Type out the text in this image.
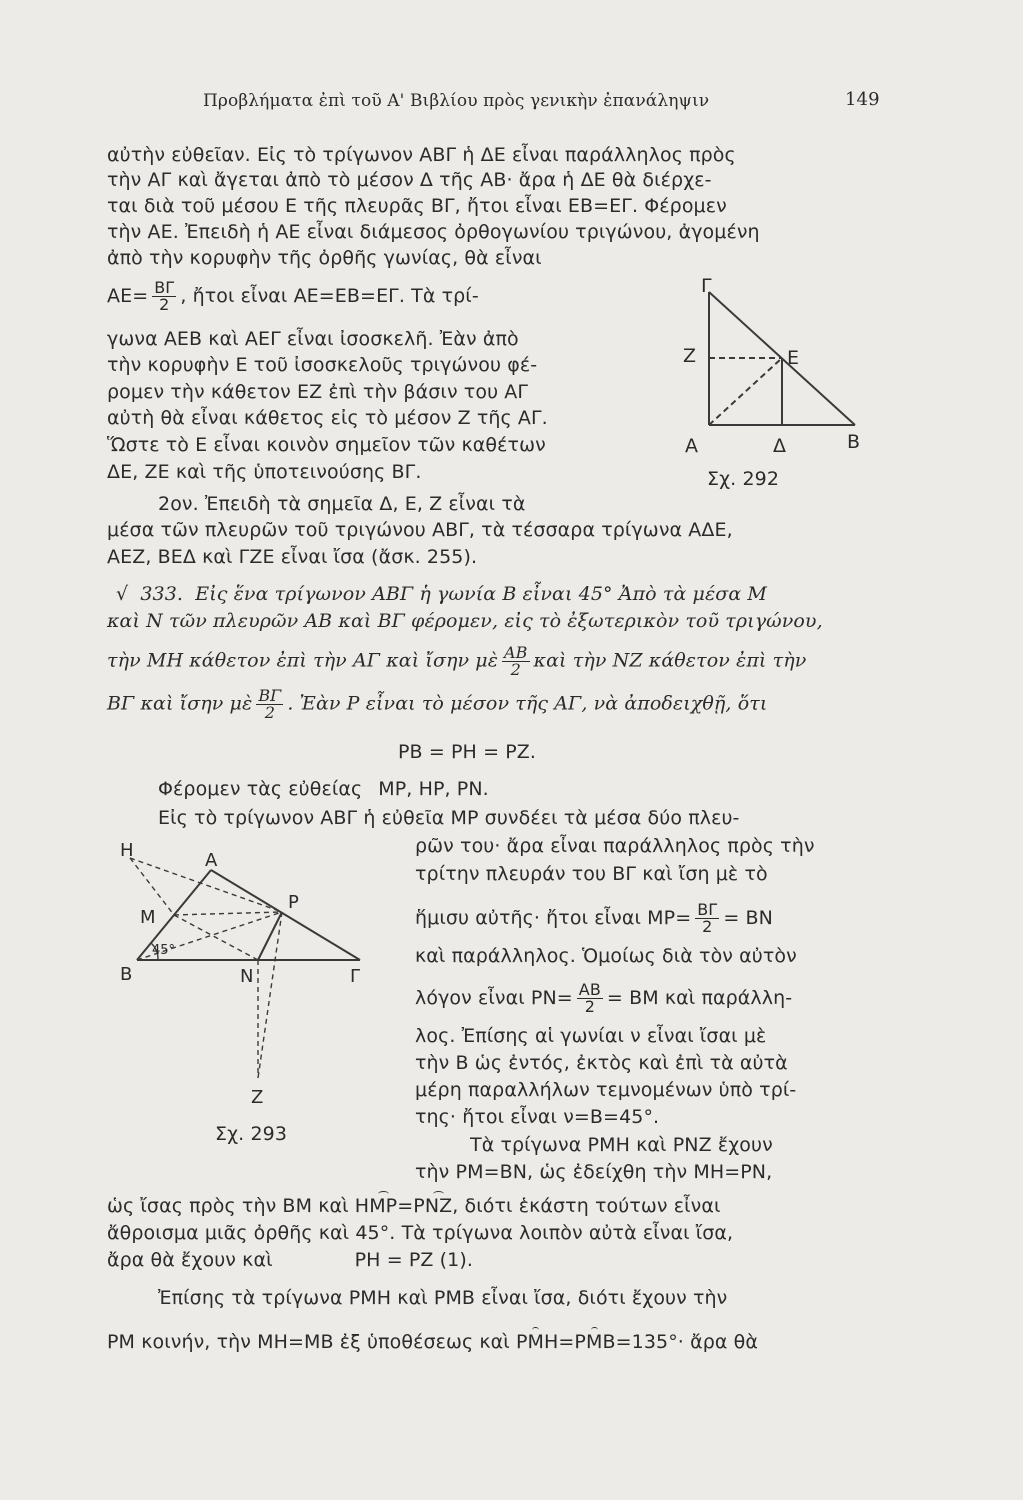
Προβλήματα ἐπὶ τοῦ Α' Βιβλίου πρὸς γενικὴν ἐπανάληψιν	149
αὐτὴν εὐθεῖαν. Εἰς τὸ τρίγωνον ΑΒΓ ἡ ΔΕ εἶναι παράλληλος πρὸς
τὴν ΑΓ καὶ ἄγεται ἀπὸ τὸ μέσον Δ τῆς ΑΒ· ἄρα ἡ ΔΕ θὰ διέρχε-
ται διὰ τοῦ μέσου Ε τῆς πλευρᾶς ΒΓ, ἤτοι εἶναι ΕΒ=ΕΓ. Φέρομεν
τὴν ΑΕ. Ἐπειδὴ ἡ ΑΕ εἶναι διάμεσος ὀρθογωνίου τριγώνου, ἀγομένη
ἀπὸ τὴν κορυφὴν τῆς ὀρθῆς γωνίας, θὰ εἶναι
$AE= \frac{B\Gamma}{2}$ , ἤτοι εἶναι ΑΕ=ΕΒ=ΕΓ. Τὰ τρί-
γωνα ΑΕΒ καὶ ΑΕΓ εἶναι ἰσοσκελῆ. Ἐὰν ἀπὸ
τὴν κορυφὴν Ε τοῦ ἰσοσκελοῦς τριγώνου φέ-
ρομεν τὴν κάθετον ΕΖ ἐπὶ τὴν βάσιν του ΑΓ
αὐτὴ θὰ εἶναι κάθετος εἰς τὸ μέσον Ζ τῆς ΑΓ.
Ὥστε τὸ Ε εἶναι κοινὸν σημεῖον τῶν καθέτων
ΔΕ, ΖΕ καὶ τῆς ὑποτεινούσης ΒΓ.
Γ
Ζ	Ε
Α	Δ	Β
Σχ. 292
2ον. Ἐπειδὴ τὰ σημεῖα Δ, Ε, Ζ εἶναι τὰ
μέσα τῶν πλευρῶν τοῦ τριγώνου ΑΒΓ, τὰ τέσσαρα τρίγωνα ΑΔΕ,
ΑΕΖ, ΒΕΔ καὶ ΓΖΕ εἶναι ἴσα (ἄσκ. 255).
√ 333. Εἰς ἕνα τρίγωνον ΑΒΓ ἡ γωνία Β εἶναι 45° Ἀπὸ τὰ μέσα Μ
καὶ Ν τῶν πλευρῶν ΑΒ καὶ ΒΓ φέρομεν, εἰς τὸ ἐξωτερικὸν τοῦ τριγώνου,
τὴν ΜΗ κάθετον ἐπὶ τὴν ΑΓ καὶ ἴσην μὲ $\frac{AB}{2}$ καὶ τὴν ΝΖ κάθετον ἐπὶ τὴν
ΒΓ καὶ ἴσην μὲ $\frac{B\Gamma}{2}$ . Ἐὰν Ρ εἶναι τὸ μέσον τῆς ΑΓ, νὰ ἀποδειχθῇ, ὅτι
ΡΒ = ΡΗ = ΡΖ.
Φέρομεν τὰς εὐθείας ΜΡ, ΗΡ, ΡΝ.
Εἰς τὸ τρίγωνον ΑΒΓ ἡ εὐθεῖα ΜΡ συνδέει τὰ μέσα δύο πλευ-
ρῶν του· ἄρα εἶναι παράλληλος πρὸς τὴν
τρίτην πλευράν του ΒΓ καὶ ἴση μὲ τὸ
ἥμισυ αὐτῆς· ἤτοι εἶναι $MP= \frac{B\Gamma}{2} = BN$
καὶ παράλληλος. Ὁμοίως διὰ τὸν αὐτὸν
λόγον εἶναι $PN= \frac{AB}{2} = BM$ καὶ παράλλη-
λος. Ἐπίσης αἱ γωνίαι ν εἶναι ἴσαι μὲ
τὴν Β ὡς ἐντός, ἐκτὸς καὶ ἐπὶ τὰ αὐτὰ
μέρη παραλλήλων τεμνομένων ὑπὸ τρί-
της· ἤτοι εἶναι ν=Β=45°.
Τὰ τρίγωνα ΡΜΗ καὶ ΡΝΖ ἔχουν
τὴν ΡΜ=ΒΝ, ὡς ἐδείχθη τὴν ΜΗ=ΡΝ,
ὡς ἴσας πρὸς τὴν ΒΜ καὶ ΗΜΡ=ΡΝΖ, διότι ἑκάστη τούτων εἶναι
ἄθροισμα μιᾶς ὀρθῆς καὶ 45°. Τὰ τρίγωνα λοιπὸν αὐτὰ εἶναι ἴσα,
ἄρα θὰ ἔχουν καὶ	ΡΗ = ΡΖ (1).
Ἐπίσης τὰ τρίγωνα ΡΜΗ καὶ ΡΜΒ εἶναι ἴσα, διότι ἔχουν τὴν
ΡΜ κοινήν, τὴν ΜΗ=ΜΒ ἐξ ὑποθέσεως καὶ ΡΜΗ=ΡΜΒ=135°· ἄρα θὰ
Η	Α
Μ
Ρ
Β
45°
Ν	Γ
Ζ
Σχ. 293
